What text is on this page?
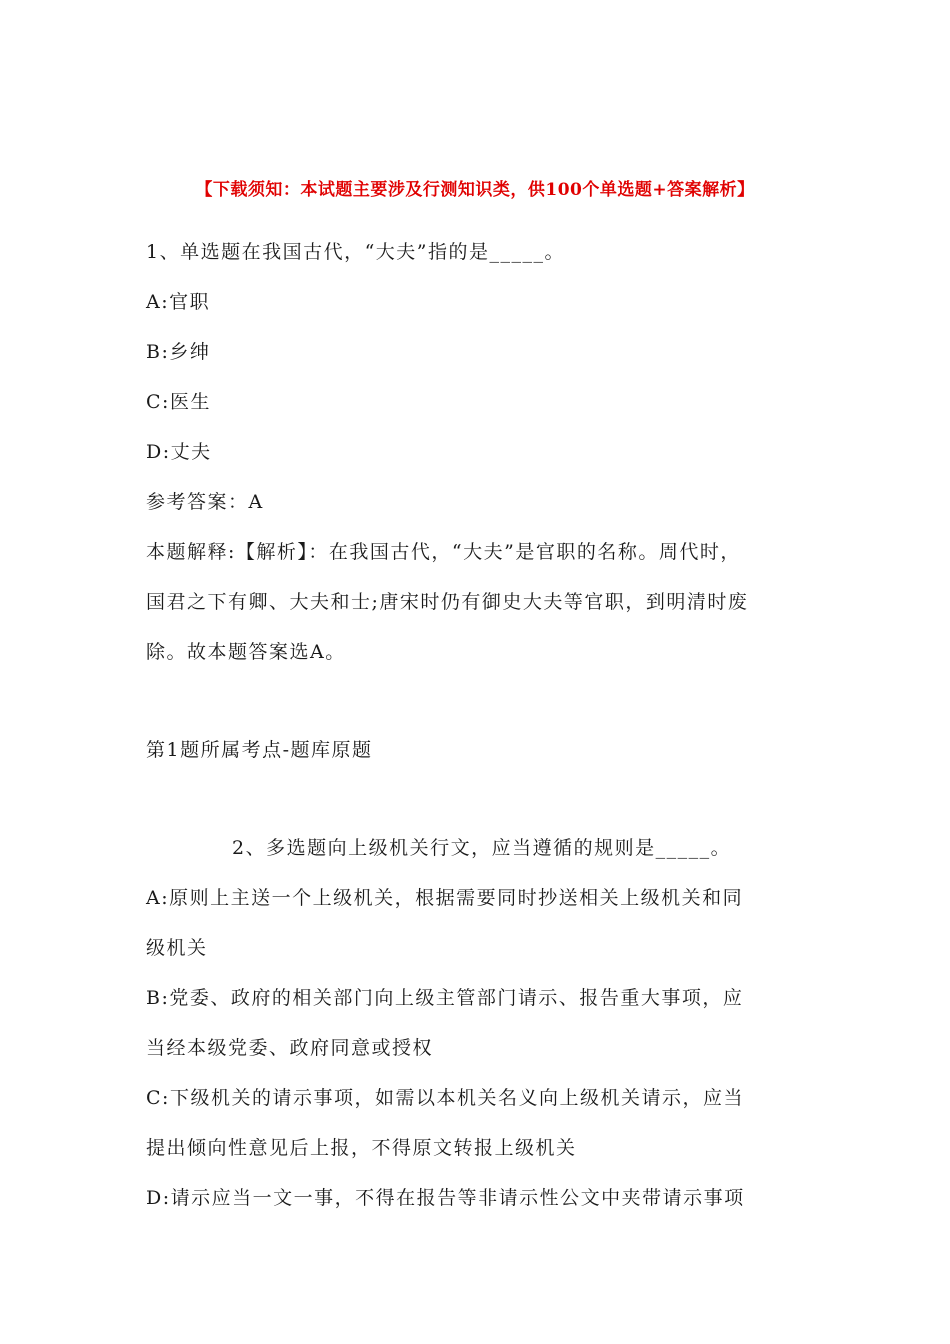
【下载须知：本试题主要涉及行测知识类，供100个单选题+答案解析】
1、单选题在我国古代，“大夫”指的是_____。
A:官职
B:乡绅
C:医生
D:丈夫
参考答案：A
本题解释:【解析】：在我国古代，“大夫”是官职的名称。周代时，
国君之下有卿、大夫和士;唐宋时仍有御史大夫等官职，到明清时废
除。故本题答案选A。
第1题所属考点-题库原题
2、多选题向上级机关行文，应当遵循的规则是_____。
A:原则上主送一个上级机关，根据需要同时抄送相关上级机关和同
级机关
B:党委、政府的相关部门向上级主管部门请示、报告重大事项，应
当经本级党委、政府同意或授权
C:下级机关的请示事项，如需以本机关名义向上级机关请示，应当
提出倾向性意见后上报，不得原文转报上级机关
D:请示应当一文一事，不得在报告等非请示性公文中夹带请示事项
